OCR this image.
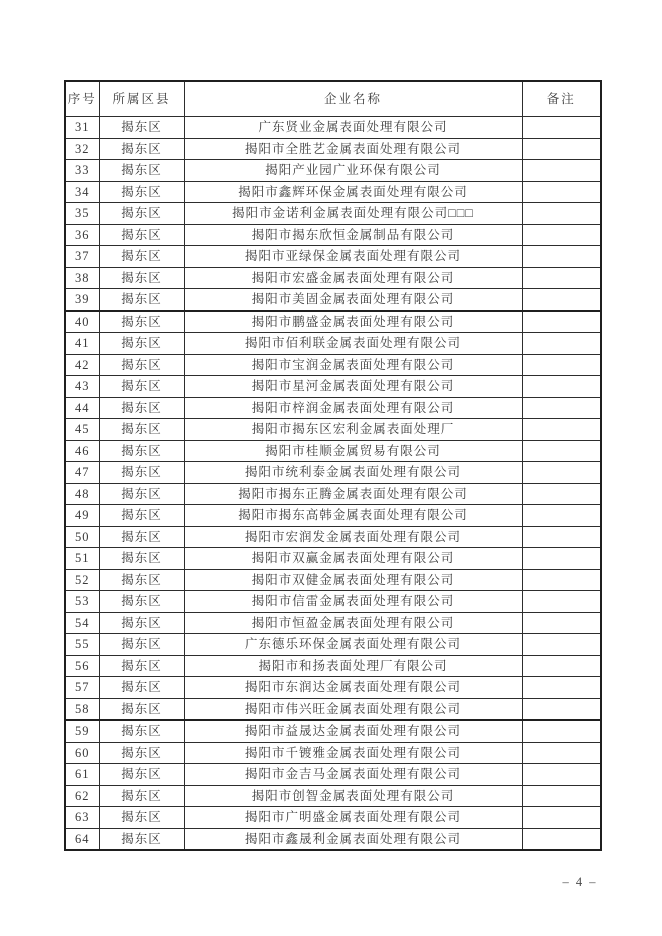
序号	所属区县	企业名称	备注
31	揭东区	广东贤业金属表面处理有限公司	
32	揭东区	揭阳市全胜艺金属表面处理有限公司	
33	揭东区	揭阳产业园广业环保有限公司	
34	揭东区	揭阳市鑫辉环保金属表面处理有限公司	
35	揭东区	揭阳市金诺利金属表面处理有限公司□□□	
36	揭东区	揭阳市揭东欣恒金属制品有限公司	
37	揭东区	揭阳市亚绿保金属表面处理有限公司	
38	揭东区	揭阳市宏盛金属表面处理有限公司	
39	揭东区	揭阳市美固金属表面处理有限公司	
40	揭东区	揭阳市鹏盛金属表面处理有限公司	
41	揭东区	揭阳市佰利联金属表面处理有限公司	
42	揭东区	揭阳市宝润金属表面处理有限公司	
43	揭东区	揭阳市星河金属表面处理有限公司	
44	揭东区	揭阳市梓润金属表面处理有限公司	
45	揭东区	揭阳市揭东区宏利金属表面处理厂	
46	揭东区	揭阳市桂顺金属贸易有限公司	
47	揭东区	揭阳市统利泰金属表面处理有限公司	
48	揭东区	揭阳市揭东正腾金属表面处理有限公司	
49	揭东区	揭阳市揭东高韩金属表面处理有限公司	
50	揭东区	揭阳市宏润发金属表面处理有限公司	
51	揭东区	揭阳市双赢金属表面处理有限公司	
52	揭东区	揭阳市双健金属表面处理有限公司	
53	揭东区	揭阳市信雷金属表面处理有限公司	
54	揭东区	揭阳市恒盈金属表面处理有限公司	
55	揭东区	广东德乐环保金属表面处理有限公司	
56	揭东区	揭阳市和扬表面处理厂有限公司	
57	揭东区	揭阳市东润达金属表面处理有限公司	
58	揭东区	揭阳市伟兴旺金属表面处理有限公司	
59	揭东区	揭阳市益晟达金属表面处理有限公司	
60	揭东区	揭阳市千镀雅金属表面处理有限公司	
61	揭东区	揭阳市金吉马金属表面处理有限公司	
62	揭东区	揭阳市创智金属表面处理有限公司	
63	揭东区	揭阳市广明盛金属表面处理有限公司	
64	揭东区	揭阳市鑫晟利金属表面处理有限公司	
– 4 –
